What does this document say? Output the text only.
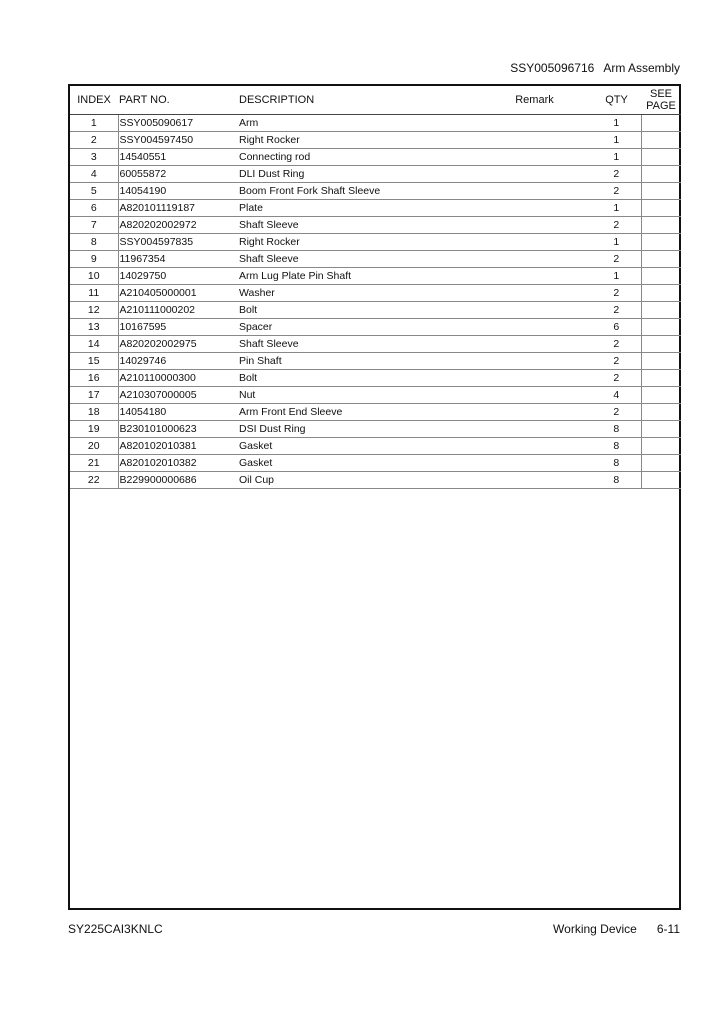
SSY005096716 Arm Assembly
INDEX	PART NO.	DESCRIPTION	Remark	QTY	SEE
PAGE
1	SSY005090617	Arm		1	
2	SSY004597450	Right Rocker		1	
3	14540551	Connecting rod		1	
4	60055872	DLI Dust Ring		2	
5	14054190	Boom Front Fork Shaft Sleeve		2	
6	A820101119187	Plate		1	
7	A820202002972	Shaft Sleeve		2	
8	SSY004597835	Right Rocker		1	
9	11967354	Shaft Sleeve		2	
10	14029750	Arm Lug Plate Pin Shaft		1	
11	A210405000001	Washer		2	
12	A210111000202	Bolt		2	
13	10167595	Spacer		6	
14	A820202002975	Shaft Sleeve		2	
15	14029746	Pin Shaft		2	
16	A210110000300	Bolt		2	
17	A210307000005	Nut		4	
18	14054180	Arm Front End Sleeve		2	
19	B230101000623	DSI Dust Ring		8	
20	A820102010381	Gasket		8	
21	A820102010382	Gasket		8	
22	B229900000686	Oil Cup		8	
SY225CAI3KNLC	Working Device 6-11
